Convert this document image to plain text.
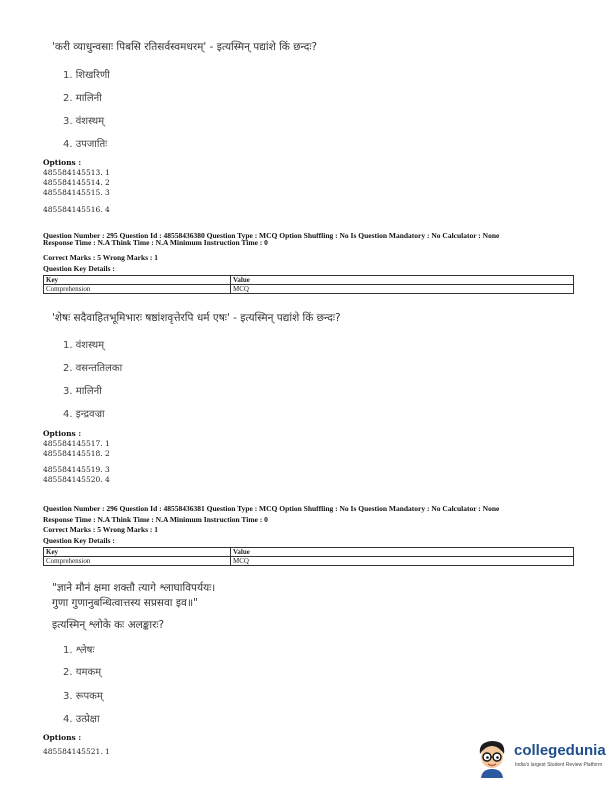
'करी व्याधुन्वसाः पिबसि रतिसर्वस्वमधरम्' - इत्यस्मिन् पद्यांशे किं छन्दः?
1. शिखरिणी
2. मालिनी
3. वंशस्थम्
4. उपजातिः
Options :
485584145513. 1
485584145514. 2
485584145515. 3
485584145516. 4
Question Number : 295 Question Id : 48558436380 Question Type : MCQ Option Shuffling : No Is Question Mandatory : No Calculator : None
Response Time : N.A Think Time : N.A Minimum Instruction Time : 0
Correct Marks : 5 Wrong Marks : 1
Question Key Details :
Key	Value
Comprehension	MCQ
'शेषः सदैवाहितभूमिभारः षष्ठांशवृत्तेरपि धर्म एषः' - इत्यस्मिन् पद्यांशे किं छन्दः?
1. वंशस्थम्
2. वसन्ततिलका
3. मालिनी
4. इन्द्रवज्रा
Options :
485584145517. 1
485584145518. 2
485584145519. 3
485584145520. 4
Question Number : 296 Question Id : 48558436381 Question Type : MCQ Option Shuffling : No Is Question Mandatory : No Calculator : None
Response Time : N.A Think Time : N.A Minimum Instruction Time : 0
Correct Marks : 5 Wrong Marks : 1
Question Key Details :
Key	Value
Comprehension	MCQ
"ज्ञाने मौनं क्षमा शक्तौ त्यागे श्लाघाविपर्ययः।
गुणा गुणानुबन्धित्वात्तस्य सप्रसवा इव॥"
इत्यस्मिन् श्लोके कः अलङ्कारः?
1. श्लेषः
2. यमकम्
3. रूपकम्
4. उत्प्रेक्षा
Options :
485584145521. 1	collegedunia
India's largest Student Review Platform
